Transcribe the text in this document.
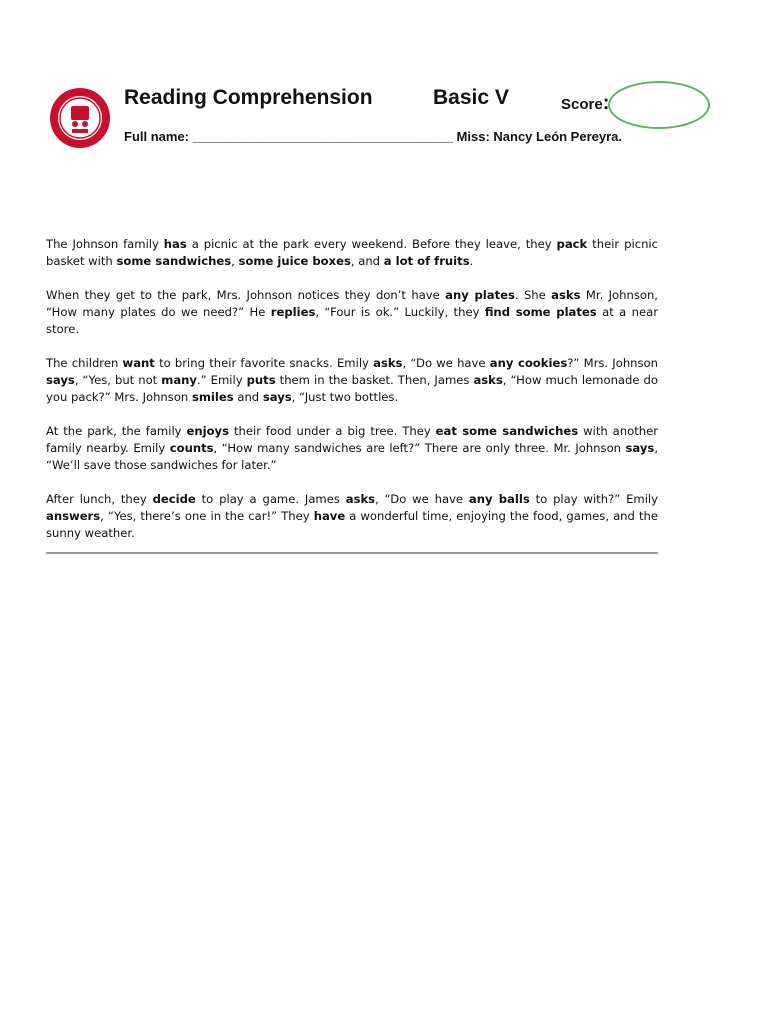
Reading Comprehension	Basic V	Score:
Full name: ____________________________________ Miss: Nancy León Pereyra.

The Johnson family has a picnic at the park every weekend. Before they leave, they pack their picnic basket with some sandwiches, some juice boxes, and a lot of fruits.

When they get to the park, Mrs. Johnson notices they don’t have any plates. She asks Mr. Johnson, “How many plates do we need?” He replies, “Four is ok.” Luckily, they find some plates at a near store.

The children want to bring their favorite snacks. Emily asks, “Do we have any cookies?” Mrs. Johnson says, “Yes, but not many.” Emily puts them in the basket. Then, James asks, “How much lemonade do you pack?” Mrs. Johnson smiles and says, “Just two bottles.

At the park, the family enjoys their food under a big tree. They eat some sandwiches with another family nearby. Emily counts, “How many sandwiches are left?” There are only three. Mr. Johnson says, “We’ll save those sandwiches for later.”

After lunch, they decide to play a game. James asks, “Do we have any balls to play with?” Emily answers, “Yes, there’s one in the car!” They have a wonderful time, enjoying the food, games, and the sunny weather.
